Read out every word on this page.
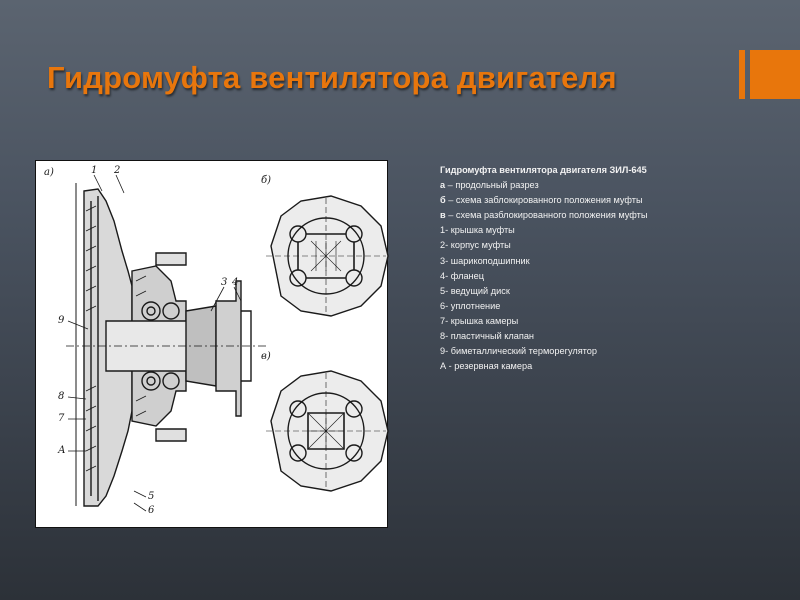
Гидромуфта вентилятора двигателя
а)
б)
в)
1 2
3 4
9
8
7
А
5
6
Гидромуфта вентилятора двигателя ЗИЛ-645
а – продольный разрез
б – схема заблокированного положения муфты
в – схема разблокированного положения муфты
1- крышка муфты
2- корпус муфты
3- шарикоподшипник
4- фланец
5- ведущий диск
6- уплотнение
7- крышка камеры
8- пластичный клапан
9- биметаллический терморегулятор
А - резервная камера
